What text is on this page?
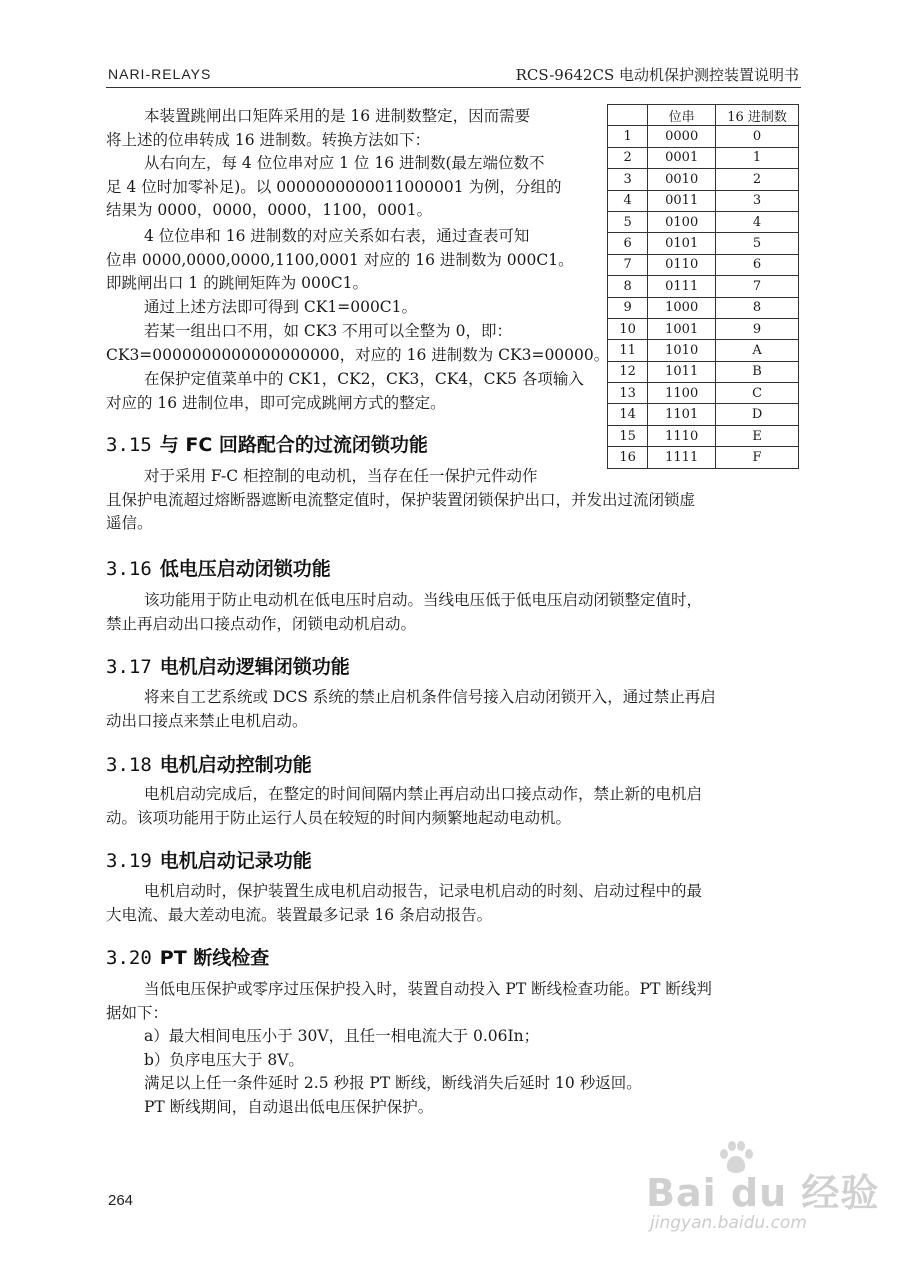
NARI-RELAYS	RCS-9642CS 电动机保护测控装置说明书
本装置跳闸出口矩阵采用的是 16 进制数整定，因而需要
将上述的位串转成 16 进制数。转换方法如下：
从右向左，每 4 位位串对应 1 位 16 进制数(最左端位数不
足 4 位时加零补足)。以 0000000000011000001 为例，分组的
结果为 0000，0000，0000，1100，0001。
4 位位串和 16 进制数的对应关系如右表，通过查表可知
位串 0000,0000,0000,1100,0001 对应的 16 进制数为 000C1。
即跳闸出口 1 的跳闸矩阵为 000C1。
通过上述方法即可得到 CK1=000C1。
若某一组出口不用，如 CK3 不用可以全整为 0，即：
CK3=0000000000000000000，对应的 16 进制数为 CK3=00000。
在保护定值菜单中的 CK1，CK2，CK3，CK4，CK5 各项输入
对应的 16 进制位串，即可完成跳闸方式的整定。
	位串	16 进制数
1	0000	0
2	0001	1
3	0010	2
4	0011	3
5	0100	4
6	0101	5
7	0110	6
8	0111	7
9	1000	8
10	1001	9
11	1010	A
12	1011	B
13	1100	C
14	1101	D
15	1110	E
16	1111	F
3.15 与 FC 回路配合的过流闭锁功能
对于采用 F-C 柜控制的电动机，当存在任一保护元件动作
且保护电流超过熔断器遮断电流整定值时，保护装置闭锁保护出口，并发出过流闭锁虚
遥信。
3.16 低电压启动闭锁功能
该功能用于防止电动机在低电压时启动。当线电压低于低电压启动闭锁整定值时，
禁止再启动出口接点动作，闭锁电动机启动。
3.17 电机启动逻辑闭锁功能
将来自工艺系统或 DCS 系统的禁止启机条件信号接入启动闭锁开入，通过禁止再启
动出口接点来禁止电机启动。
3.18 电机启动控制功能
电机启动完成后，在整定的时间间隔内禁止再启动出口接点动作，禁止新的电机启
动。该项功能用于防止运行人员在较短的时间内频繁地起动电动机。
3.19 电机启动记录功能
电机启动时，保护装置生成电机启动报告，记录电机启动的时刻、启动过程中的最
大电流、最大差动电流。装置最多记录 16 条启动报告。
3.20 PT 断线检查
当低电压保护或零序过压保护投入时，装置自动投入 PT 断线检查功能。PT 断线判
据如下：
a）最大相间电压小于 30V，且任一相电流大于 0.06In；
b）负序电压大于 8V。
满足以上任一条件延时 2.5 秒报 PT 断线，断线消失后延时 10 秒返回。
PT 断线期间，自动退出低电压保护保护。
264	Bai du 经验
jingyan.baidu.com
